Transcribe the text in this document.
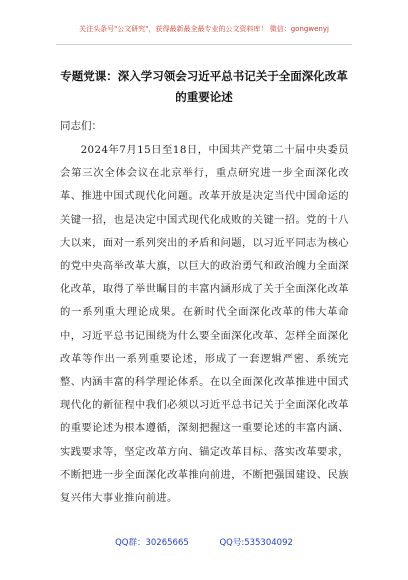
关注头条号"公文研究"，获得最新最全最专业的公文资料库！ 微信：gongwenyj
专题党课：深入学习领会习近平总书记关于全面深化改革的重要论述
同志们：

2024年7月15日至18日，中国共产党第二十届中央委员会第三次全体会议在北京举行，重点研究进一步全面深化改革、推进中国式现代化问题。改革开放是决定当代中国命运的关键一招，也是决定中国式现代化成败的关键一招。党的十八大以来，面对一系列突出的矛盾和问题，以习近平同志为核心的党中央高举改革大旗，以巨大的政治勇气和政治魄力全面深化改革，取得了举世瞩目的丰富内涵形成了关于全面深化改革的一系列重大理论成果。在新时代全面深化改革的伟大革命中，习近平总书记围绕为什么要全面深化改革、怎样全面深化改革等作出一系列重要论述，形成了一套逻辑严密、系统完整、内涵丰富的科学理论体系。在以全面深化改革推进中国式现代化的新征程中我们必须以习近平总书记关于全面深化改革的重要论述为根本遵循，深刻把握这一重要论述的丰富内涵、实践要求等，坚定改革方向、锚定改革目标、落实改革要求，不断把进一步全面深化改革推向前进，不断把强国建设、民族复兴伟大事业推向前进。

QQ群：30265665	QQ号:535304092
